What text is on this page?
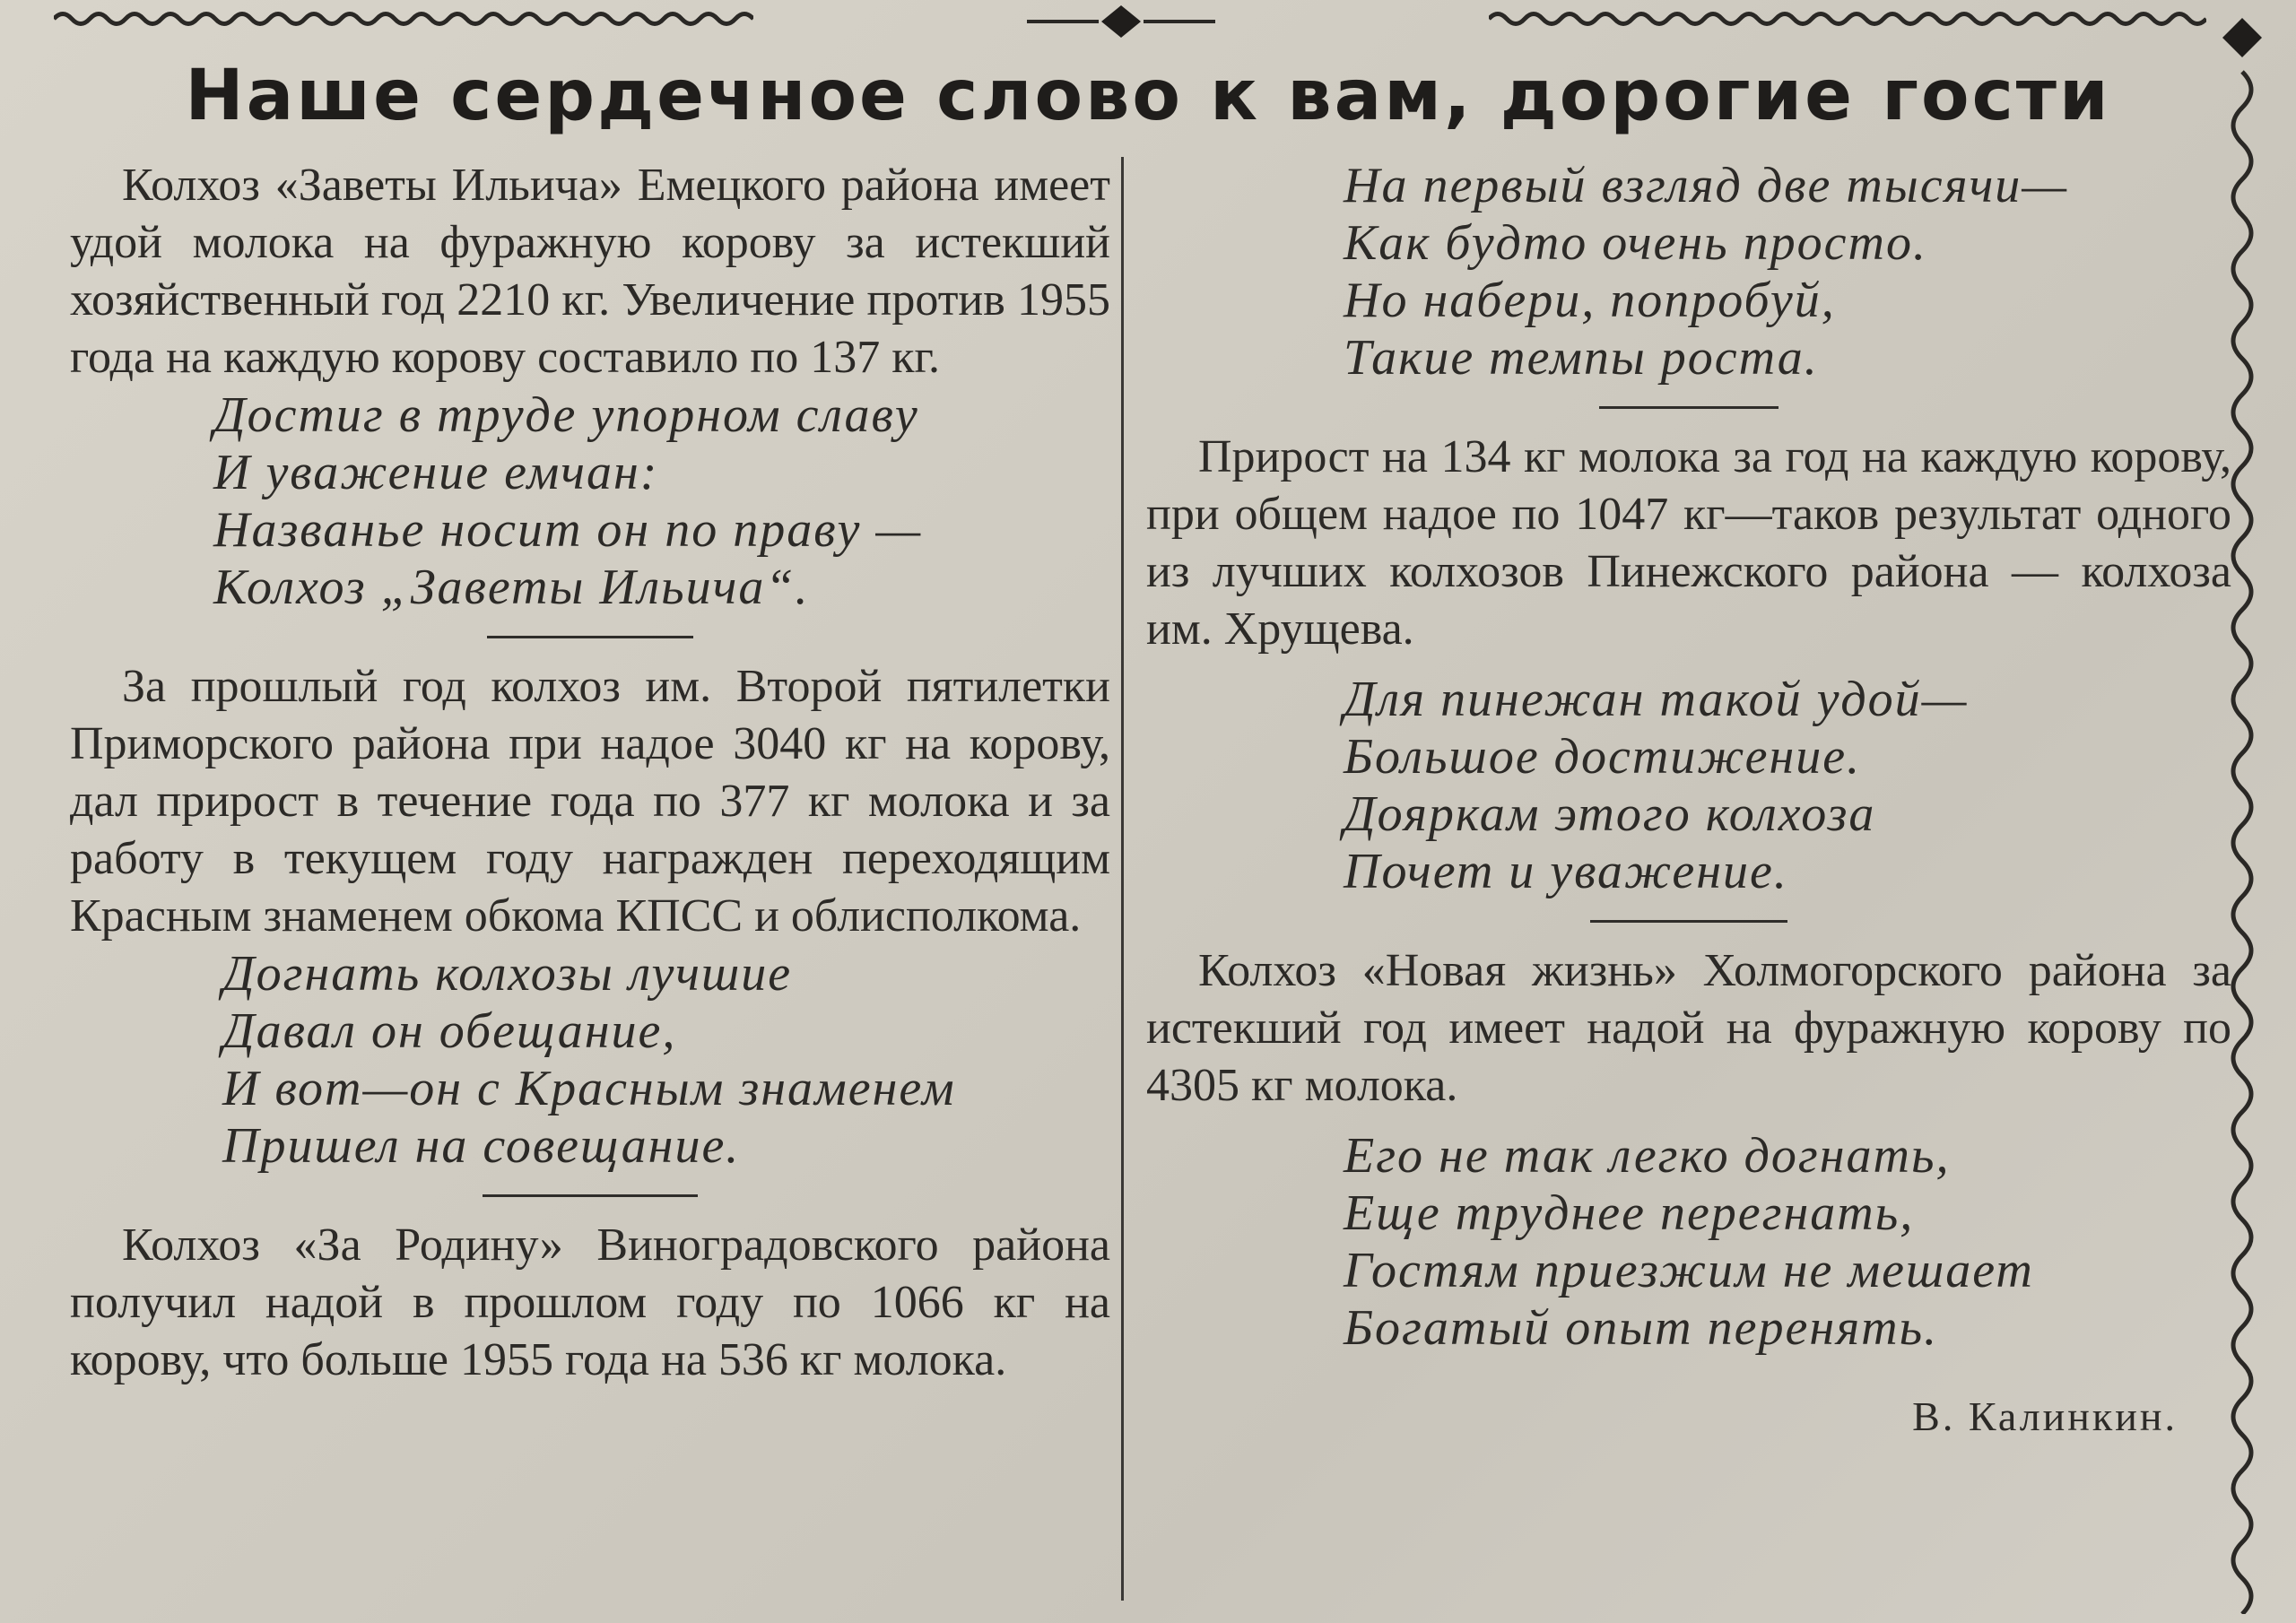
Наше сердечное слово к вам, дорогие гости

Колхоз «Заветы Ильича» Емецкого района имеет удой молока на фуражную корову за истекший хозяйственный год 2210 кг. Увеличение против 1955 года на каждую корову составило по 137 кг.

Достиг в труде упорном славу
И уважение емчан:
Названье носит он по праву —
Колхоз „Заветы Ильича“.

За прошлый год колхоз им. Второй пятилетки Приморского района при надое 3040 кг на корову, дал прирост в течение года по 377 кг молока и за работу в текущем году награжден переходящим Красным знаменем обкома КПСС и облисполкома.

Догнать колхозы лучшие
Давал он обещание,
И вот—он с Красным знаменем
Пришел на совещание.

Колхоз «За Родину» Виноградовского района получил надой в прошлом году по 1066 кг на корову, что больше 1955 года на 536 кг молока.

На первый взгляд две тысячи—
Как будто очень просто.
Но набери, попробуй,
Такие темпы роста.

Прирост на 134 кг молока за год на каждую корову, при общем надое по 1047 кг—таков результат одного из лучших колхозов Пинежского района — колхоза им. Хрущева.

Для пинежан такой удой—
Большое достижение.
Дояркам этого колхоза
Почет и уважение.

Колхоз «Новая жизнь» Холмогорского района за истекший год имеет надой на фуражную корову по 4305 кг молока.

Его не так легко догнать,
Еще труднее перегнать,
Гостям приезжим не мешает
Богатый опыт перенять.
В. Калинкин.
